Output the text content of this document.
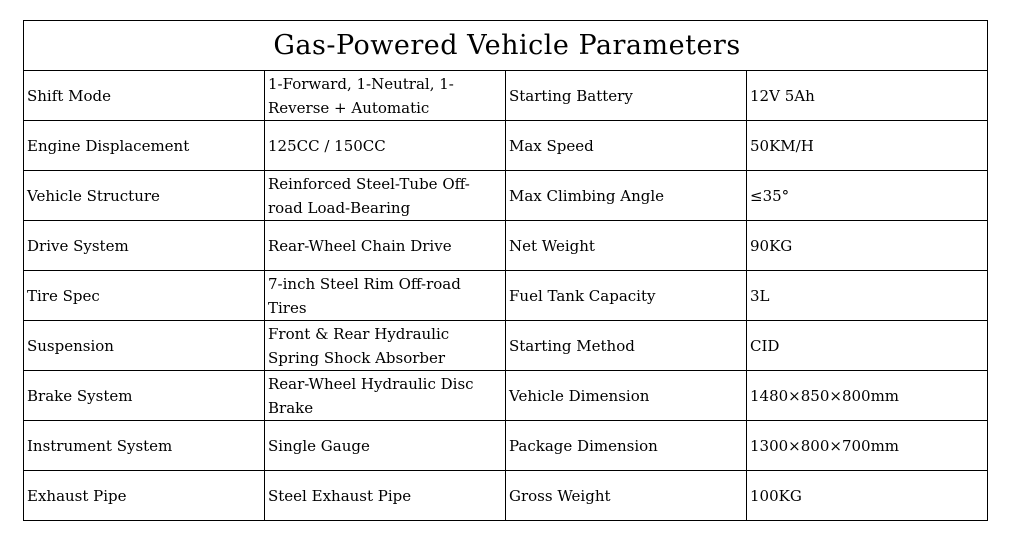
Gas-Powered Vehicle Parameters			

Shift Mode	1-Forward, 1-Neutral, 1-Reverse + Automatic	Starting Battery	12V 5Ah

Engine Displacement	125CC / 150CC	Max Speed	50KM/H

Vehicle Structure	Reinforced Steel-Tube Off-road Load-Bearing	Max Climbing Angle	≤35°

Drive System	Rear-Wheel Chain Drive	Net Weight	90KG

Tire Spec	7-inch Steel Rim Off-road Tires	Fuel Tank Capacity	3L

Suspension	Front & Rear Hydraulic Spring Shock Absorber	Starting Method	CID

Brake System	Rear-Wheel Hydraulic Disc Brake	Vehicle Dimension	1480×850×800mm

Instrument System	Single Gauge	Package Dimension	1300×800×700mm

Exhaust Pipe	Steel Exhaust Pipe	Gross Weight	100KG
